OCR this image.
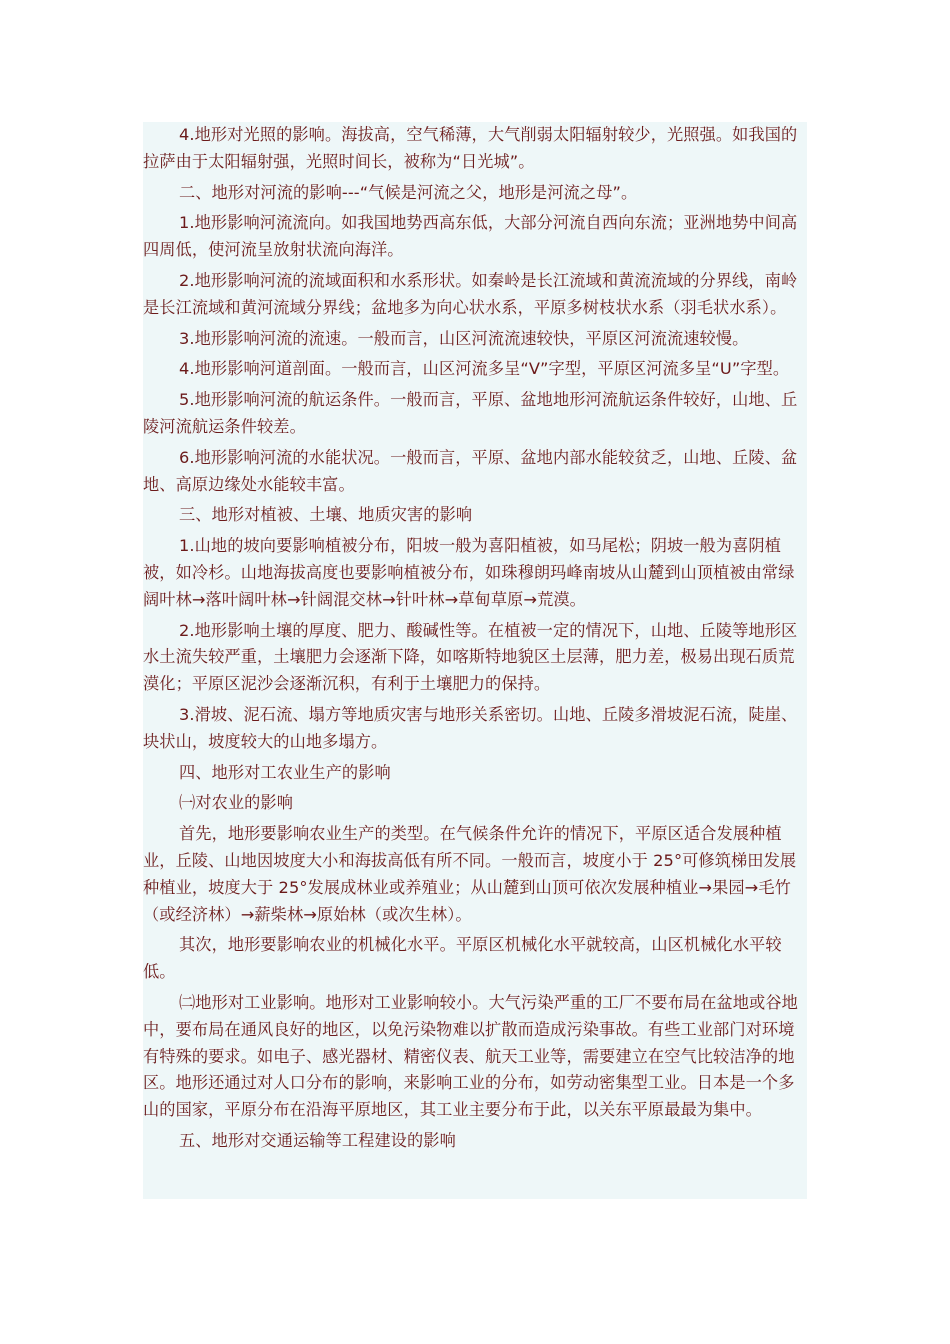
4.地形对光照的影响。海拔高，空气稀薄，大气削弱太阳辐射较少，光照强。如我国的拉萨由于太阳辐射强，光照时间长，被称为“日光城”。

二、地形对河流的影响---“气候是河流之父，地形是河流之母”。

1.地形影响河流流向。如我国地势西高东低，大部分河流自西向东流；亚洲地势中间高四周低，使河流呈放射状流向海洋。

2.地形影响河流的流域面积和水系形状。如秦岭是长江流域和黄流流域的分界线，南岭是长江流域和黄河流域分界线；盆地多为向心状水系，平原多树枝状水系（羽毛状水系）。

3.地形影响河流的流速。一般而言，山区河流流速较快，平原区河流流速较慢。

4.地形影响河道剖面。一般而言，山区河流多呈“V”字型，平原区河流多呈“U”字型。

5.地形影响河流的航运条件。一般而言，平原、盆地地形河流航运条件较好，山地、丘陵河流航运条件较差。

6.地形影响河流的水能状况。一般而言，平原、盆地内部水能较贫乏，山地、丘陵、盆地、高原边缘处水能较丰富。

三、地形对植被、土壤、地质灾害的影响

1.山地的坡向要影响植被分布，阳坡一般为喜阳植被，如马尾松；阴坡一般为喜阴植被，如冷杉。山地海拔高度也要影响植被分布，如珠穆朗玛峰南坡从山麓到山顶植被由常绿阔叶林→落叶阔叶林→针阔混交林→针叶林→草甸草原→荒漠。

2.地形影响土壤的厚度、肥力、酸碱性等。在植被一定的情况下，山地、丘陵等地形区水土流失较严重，土壤肥力会逐渐下降，如喀斯特地貌区土层薄，肥力差，极易出现石质荒漠化；平原区泥沙会逐渐沉积，有利于土壤肥力的保持。

3.滑坡、泥石流、塌方等地质灾害与地形关系密切。山地、丘陵多滑坡泥石流，陡崖、块状山，坡度较大的山地多塌方。

四、地形对工农业生产的影响

㈠对农业的影响

首先，地形要影响农业生产的类型。在气候条件允许的情况下，平原区适合发展种植业，丘陵、山地因坡度大小和海拔高低有所不同。一般而言，坡度小于 25°可修筑梯田发展种植业，坡度大于 25°发展成林业或养殖业；从山麓到山顶可依次发展种植业→果园→毛竹（或经济林）→薪柴林→原始林（或次生林）。

其次，地形要影响农业的机械化水平。平原区机械化水平就较高，山区机械化水平较低。

㈡地形对工业影响。地形对工业影响较小。大气污染严重的工厂不要布局在盆地或谷地中，要布局在通风良好的地区，以免污染物难以扩散而造成污染事故。有些工业部门对环境有特殊的要求。如电子、感光器材、精密仪表、航天工业等，需要建立在空气比较洁净的地区。地形还通过对人口分布的影响，来影响工业的分布，如劳动密集型工业。日本是一个多山的国家，平原分布在沿海平原地区，其工业主要分布于此，以关东平原最最为集中。

五、地形对交通运输等工程建设的影响
